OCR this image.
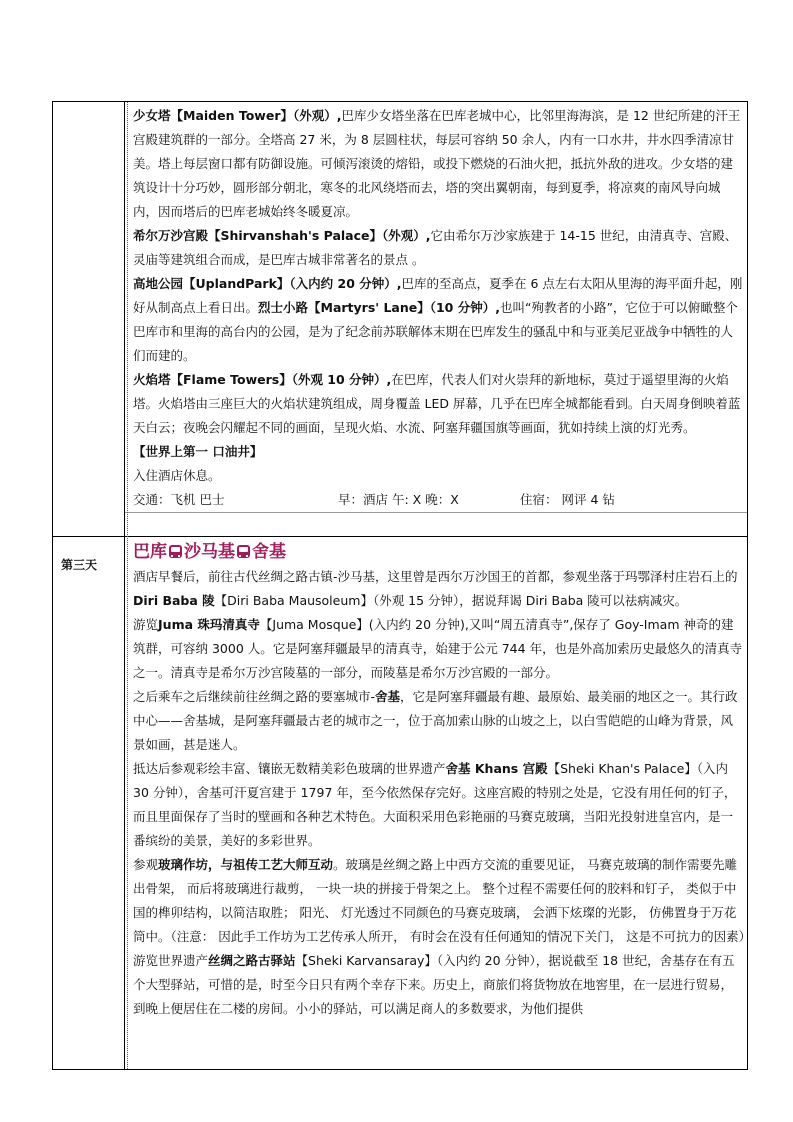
少女塔【Maiden Tower】（外观）,巴库少女塔坐落在巴库老城中心，比邻里海海滨，是 12 世纪所建的汗王宫殿建筑群的一部分。全塔高 27 米，为 8 层圆柱状，每层可容纳 50 余人，内有一口水井，井水四季清凉甘美。塔上每层窗口都有防御设施。可倾泻滚烫的熔铅，或投下燃烧的石油火把，抵抗外敌的进攻。少女塔的建筑设计十分巧妙，圆形部分朝北，寒冬的北风绕塔而去，塔的突出翼朝南，每到夏季，将凉爽的南风导向城内，因而塔后的巴库老城始终冬暖夏凉。

希尔万沙宫殿【Shirvanshah's Palace】（外观）,它由希尔万沙家族建于 14-15 世纪，由清真寺、宫殿、灵庙等建筑组合而成，是巴库古城非常著名的景点 。

高地公园【UplandPark】（入内约 20 分钟）,巴库的至高点，夏季在 6 点左右太阳从里海的海平面升起，刚好从制高点上看日出。烈士小路【Martyrs' Lane】（10 分钟）,也叫“殉教者的小路”，它位于可以俯瞰整个巴库市和里海的高台内的公园，是为了纪念前苏联解体末期在巴库发生的骚乱中和与亚美尼亚战争中牺牲的人们而建的。

火焰塔【Flame Towers】（外观 10 分钟）,在巴库，代表人们对火崇拜的新地标，莫过于遥望里海的火焰塔。火焰塔由三座巨大的火焰状建筑组成，周身覆盖 LED 屏幕，几乎在巴库全城都能看到。白天周身倒映着蓝天白云；夜晚会闪耀起不同的画面，呈现火焰、水流、阿塞拜疆国旗等画面，犹如持续上演的灯光秀。

【世界上第一 口油井】

入住酒店休息。

交通：飞机 巴士	早：酒店 午: X 晚：X	住宿： 网评 4 钻

第三天

巴库 沙马基 舍基

酒店早餐后，前往古代丝绸之路古镇-沙马基，这里曾是西尔万沙国王的首都，参观坐落于玛鄂泽村庄岩石上的Diri Baba 陵【Diri Baba Mausoleum】（外观 15 分钟），据说拜谒 Diri Baba 陵可以祛病减灾。

游览Juma 珠玛清真寺【Juma Mosque】(入内约 20 分钟),又叫“周五清真寺”,保存了 Goy-Imam 神奇的建筑群，可容纳 3000 人。它是阿塞拜疆最早的清真寺，始建于公元 744 年，也是外高加索历史最悠久的清真寺之一。清真寺是希尔万沙宫陵墓的一部分，而陵墓是希尔万沙宫殿的一部分。

之后乘车之后继续前往丝绸之路的要塞城市-舍基，它是阿塞拜疆最有趣、最原始、最美丽的地区之一。其行政中心——舍基城，是阿塞拜疆最古老的城市之一，位于高加索山脉的山坡之上，以白雪皑皑的山峰为背景，风景如画，甚是迷人。

抵达后参观彩绘丰富、镶嵌无数精美彩色玻璃的世界遗产舍基 Khans 宫殿【Sheki Khan's Palace】（入内 30 分钟），舍基可汗夏宫建于 1797 年，至今依然保存完好。这座宫殿的特别之处是，它没有用任何的钉子，而且里面保存了当时的壁画和各种艺术特色。大面积采用色彩艳丽的马赛克玻璃，当阳光投射进皇宫内，是一番缤纷的美景，美好的多彩世界。

参观玻璃作坊，与祖传工艺大师互动。玻璃是丝绸之路上中西方交流的重要见证， 马赛克玻璃的制作需要先雕出骨架， 而后将玻璃进行裁剪， 一块一块的拼接于骨架之上。 整个过程不需要任何的胶料和钉子， 类似于中国的榫卯结构，以简洁取胜； 阳光、 灯光透过不同颜色的马赛克玻璃， 会洒下炫璨的光影， 仿佛置身于万花筒中。（注意： 因此手工作坊为工艺传承人所开， 有时会在没有任何通知的情况下关门， 这是不可抗力的因素）

游览世界遗产丝绸之路古驿站【Sheki Karvansaray】（入内约 20 分钟），据说截至 18 世纪，舍基存在有五个大型驿站，可惜的是，时至今日只有两个幸存下来。历史上，商旅们将货物放在地窖里，在一层进行贸易，到晚上便居住在二楼的房间。小小的驿站，可以满足商人的多数要求，为他们提供
